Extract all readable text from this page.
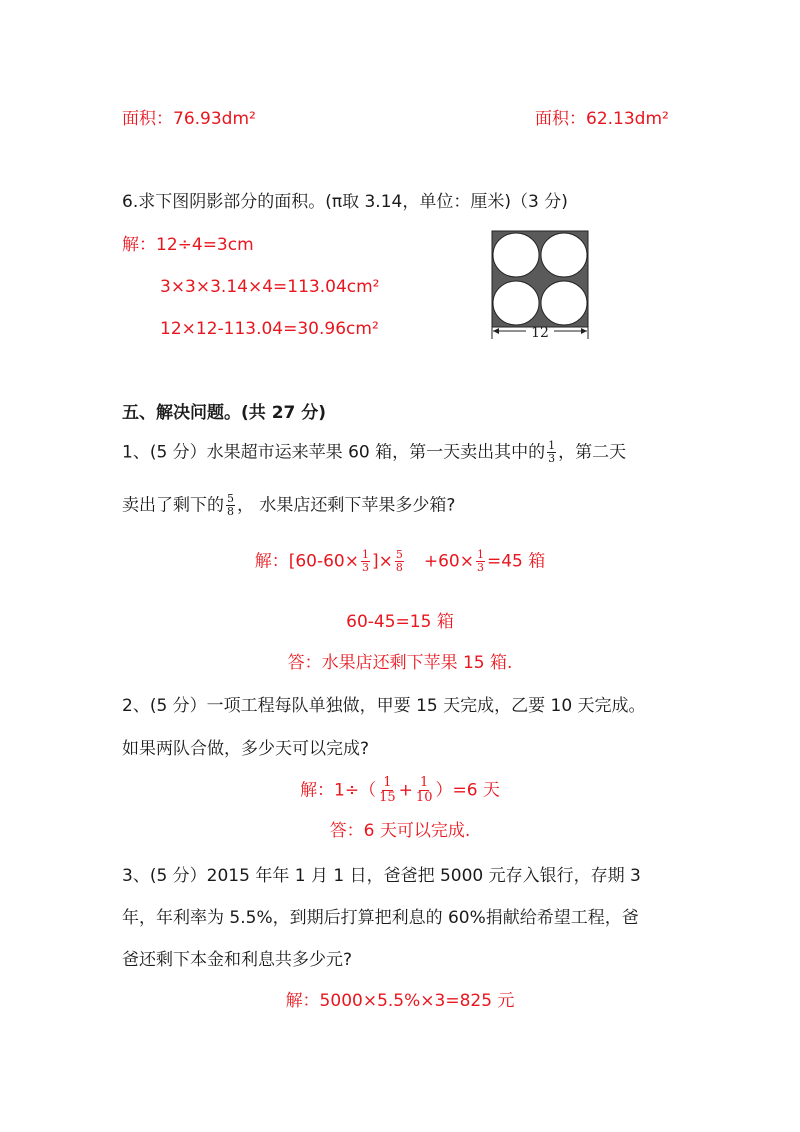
面积：76.93dm²	面积：62.13dm²
6.求下图阴影部分的面积。(π取 3.14，单位：厘米)（3 分)
解：12÷4=3cm
3×3×3.14×4=113.04cm²
12×12-113.04=30.96cm²	12
五、解决问题。(共 27 分)
1、(5 分）水果超市运来苹果 60 箱，第一天卖出其中的 $\frac{1}{3}$ ，第二天
卖出了剩下的 $\frac{5}{8}$ ， 水果店还剩下苹果多少箱?
解：[$60-60\times \frac{1}{3}$ ]× $\frac{5}{8} +60\times \frac{1}{3} =45$ 箱
60-45=15 箱
答：水果店还剩下苹果 15 箱.
2、(5 分）一项工程每队单独做，甲要 15 天完成，乙要 10 天完成。
如果两队合做，多少天可以完成?
解：$1\div( \frac{1}{15} + \frac{1}{10} )=6$ 天
答：6 天可以完成.
3、(5 分）2015 年年 1 月 1 日，爸爸把 5000 元存入银行，存期 3
年，年利率为 5.5%，到期后打算把利息的 60%捐献给希望工程，爸
爸还剩下本金和利息共多少元?
解：5000×5.5%×3=825 元
